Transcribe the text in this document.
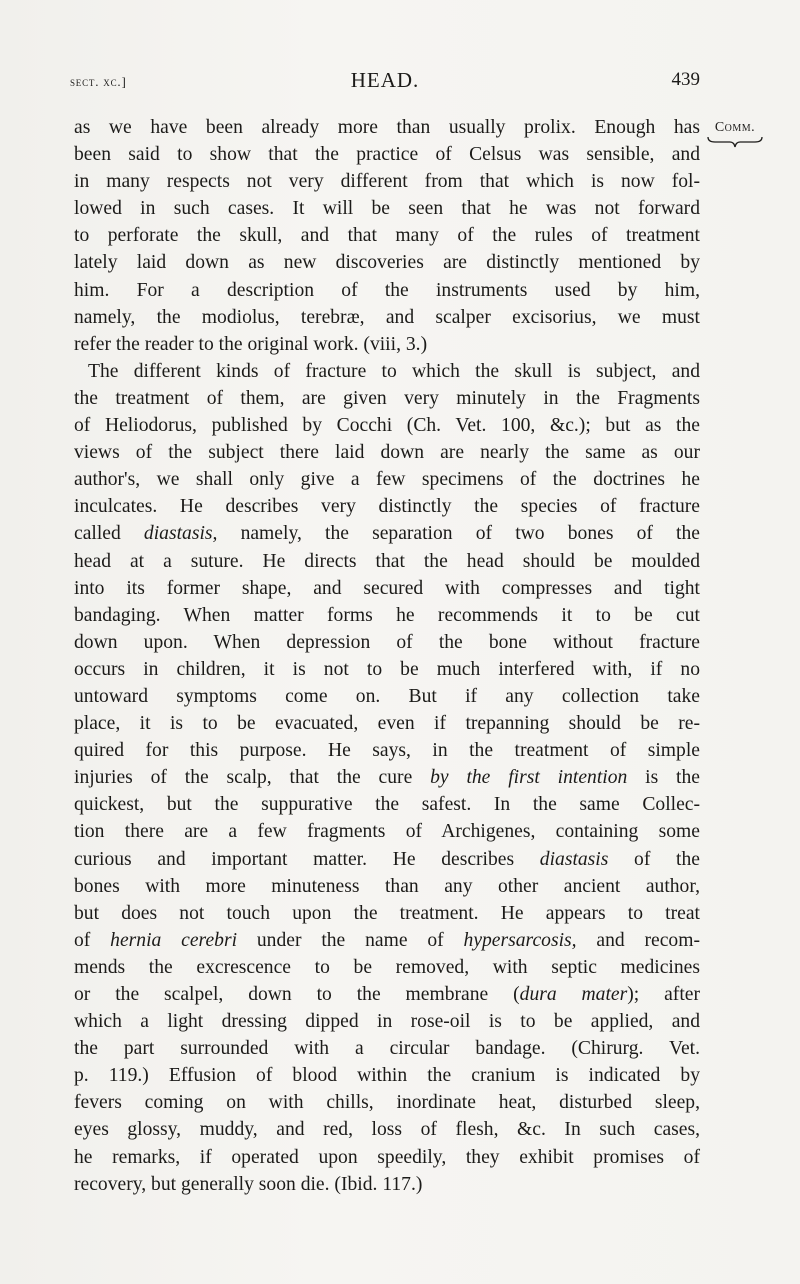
sect. xc.]	HEAD.	439
Comm.
as we have been already more than usually prolix. Enough has
been said to show that the practice of Celsus was sensible, and
in many respects not very different from that which is now fol-
lowed in such cases. It will be seen that he was not forward
to perforate the skull, and that many of the rules of treatment
lately laid down as new discoveries are distinctly mentioned by
him. For a description of the instruments used by him,
namely, the modiolus, terebræ, and scalper excisorius, we must
refer the reader to the original work. (viii, 3.)
The different kinds of fracture to which the skull is subject, and
the treatment of them, are given very minutely in the Fragments
of Heliodorus, published by Cocchi (Ch. Vet. 100, &c.); but as the
views of the subject there laid down are nearly the same as our
author's, we shall only give a few specimens of the doctrines he
inculcates. He describes very distinctly the species of fracture
called diastasis, namely, the separation of two bones of the
head at a suture. He directs that the head should be moulded
into its former shape, and secured with compresses and tight
bandaging. When matter forms he recommends it to be cut
down upon. When depression of the bone without fracture
occurs in children, it is not to be much interfered with, if no
untoward symptoms come on. But if any collection take
place, it is to be evacuated, even if trepanning should be re-
quired for this purpose. He says, in the treatment of simple
injuries of the scalp, that the cure by the first intention is the
quickest, but the suppurative the safest. In the same Collec-
tion there are a few fragments of Archigenes, containing some
curious and important matter. He describes diastasis of the
bones with more minuteness than any other ancient author,
but does not touch upon the treatment. He appears to treat
of hernia cerebri under the name of hypersarcosis, and recom-
mends the excrescence to be removed, with septic medicines
or the scalpel, down to the membrane (dura mater); after
which a light dressing dipped in rose-oil is to be applied, and
the part surrounded with a circular bandage. (Chirurg. Vet.
p. 119.) Effusion of blood within the cranium is indicated by
fevers coming on with chills, inordinate heat, disturbed sleep,
eyes glossy, muddy, and red, loss of flesh, &c. In such cases,
he remarks, if operated upon speedily, they exhibit promises of
recovery, but generally soon die. (Ibid. 117.)
